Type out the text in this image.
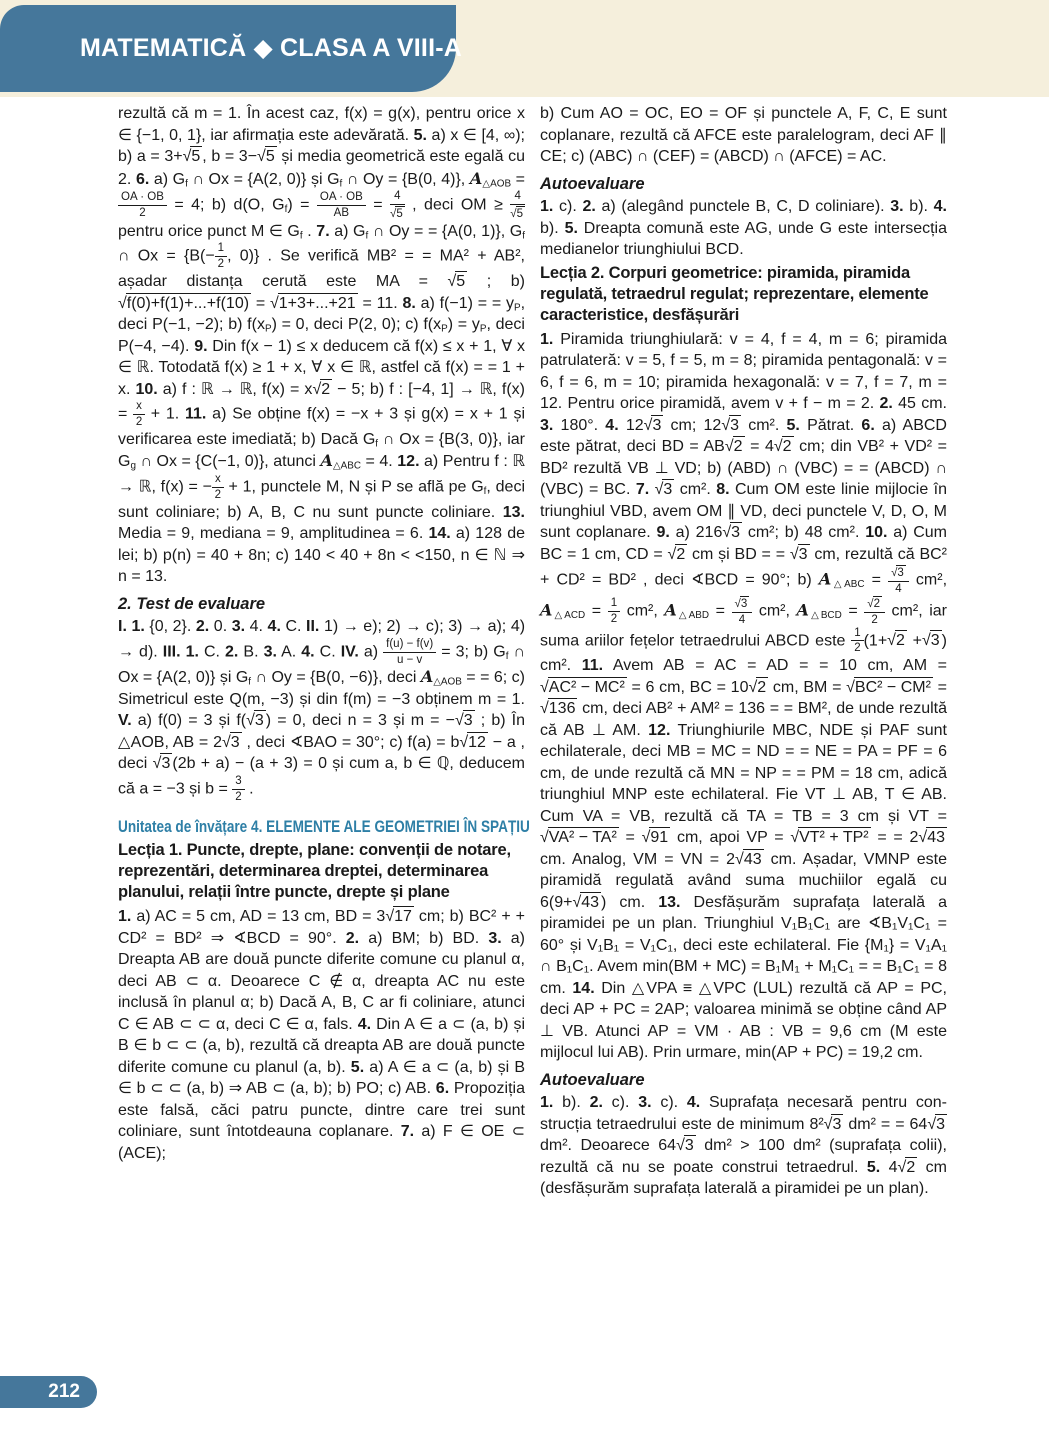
MATEMATICĂ ◆ CLASA A VIII-A

rezultă că m = 1. În acest caz, f(x) = g(x), pentru orice x ∈ {−1, 0, 1}, iar afirmația este adevărată. 5. a) x ∈ [4, ∞); b) a = 3+√5 , b = 3−√5 și media geometrică este egală cu 2. 6. a) $G_f$ ∩ Ox = {A(2, 0)} și $G_f$ ∩ Oy = {B(0, 4)}, $A_{\triangle AOB}$ =
$\frac{OA \cdot OB}{2} = 4$; b) d(O, $G_f) = \frac{OA \cdot OB}{AB} = \frac{4}{√5}$ , deci OM ≥ $\frac{4}{√5}$
pentru orice punct M ∈ $G_f$ . 7. a) $G_f$ ∩ Oy = = {A(0, 1)}, $G_f$ ∩ $Ox = \{B(- \frac{1}{2}$ , 0)} . Se verifică MB² = = MA² + AB², așadar distanța cerută este MA = √5 ; b) √f(0)+f(1)+...+f(10) = √1+3+...+21 = 11. 8. a) f(−1) = = $y_P$, deci P(−1, −2); b) $f(x_P) = 0$, deci P(2, 0); c) $f(x_P) = y_P$, deci P(−4, −4). 9. Din f(x − 1) ≤ x deducem că f(x) ≤ x + 1, ∀ x ∈ ℝ. Totodată f(x) ≥ 1 + x, ∀ x ∈ ℝ, astfel că f(x) = = 1 + x. 10. a) f : ℝ → ℝ, f(x) = x√2 − 5; b) f : [−4, 1] → ℝ, $f(x) = \frac{x}{2} + 1$. 11. a) Se obține f(x) = −x + 3 și g(x) = x + 1 și verificarea este imediată; b) Dacă $G_f$ ∩ Ox = {B(3, 0)}, iar $G_g$ ∩ Ox = {C(−1, 0)}, atunci $A_{\triangle ABC} = 4$. 12. a) Pentru f : ℝ → ℝ, f(x) = − $\frac{x}{2} + 1$, punctele M, N și P se află pe $G_f$, deci sunt coliniare; b) A, B, C nu sunt puncte coliniare. 13. Media = 9, mediana = 9, amplitudinea = 6. 14. a) 128 de lei; b) p(n) = 40 + 8n; c) 140 < 40 + 8n < <150, n ∈ ℕ ⇒ n = 13.

2. Test de evaluare

I. 1. {0, 2}. 2. 0. 3. 4. 4. C. II. 1) → e); 2) → c); 3) → a); 4) → d). III. 1. C. 2. B. 3. A. 4. C. IV. $a) \frac{f(u) - f(v)}{u - v} = 3$; b) $G_f$ ∩ Ox = {A(2, 0)} și $G_f$ ∩ Oy = {B(0, −6)}, deci $A_{\triangle AOB}$ = = 6; c) Simetricul este Q(m, −3) și din f(m) = −3 obținem m = 1. V. a) f(0) = 3 și f(√3 ) = 0, deci n = 3 și m = −√3 ; b) În △AOB, AB = 2√3 , deci ∢BAO = 30°; c) f(a) = b√12 − a , deci √3 (2b + a) − (a + 3) = 0 și cum a, b ∈ ℚ, deducem că a = −3 și $b = \frac{3}{2}$ .

Unitatea de învățare 4. ELEMENTE ALE GEOMETRIEI ÎN SPAȚIU

Lecția 1. Puncte, drepte, plane: convenții de notare, reprezentări, determinarea dreptei, determinarea planului, relații între puncte, drepte și plane

1. a) AC = 5 cm, AD = 13 cm, BD = 3√17 cm; b) BC² + + CD² = BD² ⇒ ∢BCD = 90°. 2. a) BM; b) BD. 3. a) Dreapta AB are două puncte diferite comune cu planul α, deci AB ⊂ α. Deoarece C ∉ α, dreapta AC nu este inclusă în planul α; b) Dacă A, B, C ar fi coliniare, atunci C ∈ AB ⊂ ⊂ α, deci C ∈ α, fals. 4. Din A ∈ a ⊂ (a, b) și B ∈ b ⊂ ⊂ (a, b), rezultă că dreapta AB are două puncte diferite comune cu planul (a, b). 5. a) A ∈ a ⊂ (a, b) și B ∈ b ⊂ ⊂ (a, b) ⇒ AB ⊂ (a, b); b) PO; c) AB. 6. Propoziția este falsă, căci patru puncte, dintre care trei sunt coliniare, sunt întotdeauna coplanare. 7. a) F ∈ OE ⊂ (ACE);

b) Cum AO = OC, EO = OF și punctele A, F, C, E sunt coplanare, rezultă că AFCE este paralelogram, deci AF ∥ CE; c) (ABC) ∩ (CEF) = (ABCD) ∩ (AFCE) = AC.

Autoevaluare

1. c). 2. a) (alegând punctele B, C, D coliniare). 3. b). 4. b). 5. Dreapta comună este AG, unde G este intersecția medianelor triunghiului BCD.

Lecția 2. Corpuri geometrice: piramida, piramida regulată, tetraedrul regulat; reprezentare, elemente caracteristice, desfășurări

1. Piramida triunghiulară: v = 4, f = 4, m = 6; piramida patrulateră: v = 5, f = 5, m = 8; piramida pentagonală: v = 6, f = 6, m = 10; piramida hexagonală: v = 7, f = 7, m = 12. Pentru orice piramidă, avem v + f − m = 2. 2. 45 cm. 3. 180°. 4. 12√3 cm; 12√3 cm². 5. Pătrat. 6. a) ABCD este pătrat, deci BD = AB√2 = 4√2 cm; din VB² + VD² = BD² rezultă VB ⊥ VD; b) (ABD) ∩ (VBC) = = (ABCD) ∩ (VBC) = BC. 7. √3 cm². 8. Cum OM este linie mijlocie în triunghiul VBD, avem OM ∥ VD, deci punctele V, D, O, M sunt coplanare. 9. a) 216√3 cm²; b) 48 cm². 10. a) Cum BC = 1 cm, CD = √2 cm și BD = = √3 cm, rezultă că BC² + CD² = BD² , deci ∢BCD = 90°; b) $A_{\triangle ABC} = \frac{√3}{4} cm^2$, $A_{\triangle ACD} = \frac{1}{2} cm^2$, $A_{\triangle ABD} = \frac{√3}{4} cm^2$, $A_{\triangle BCD} = \frac{√2}{2} cm^2$, iar suma ariilor fețelor tetraedrului ABCD este $\frac{1}{2} (1+√2 +√3$ ) cm². 11. Avem AB = AC = AD = = 10 cm, AM = √AC² − MC² = 6 cm, BC = 10√2 cm, BM = √BC² − CM² = √136 cm, deci AB² + AM² = 136 = = BM², de unde rezultă că AB ⊥ AM. 12. Triunghiurile MBC, NDE și PAF sunt echilaterale, deci MB = MC = ND = = NE = PA = PF = 6 cm, de unde rezultă că MN = NP = = PM = 18 cm, adică triunghiul MNP este echilateral. Fie VT ⊥ AB, T ∈ AB. Cum VA = VB, rezultă că TA = TB = 3 cm și VT = √VA² − TA² = √91 cm, apoi VP = √VT² + TP² = = 2√43 cm. Analog, VM = VN = 2√43 cm. Așadar, VMNP este piramidă regulată având suma muchiilor egală cu 6(9+√43 ) cm. 13. Desfășurăm suprafața laterală a piramidei pe un plan. Triunghiul V₁B₁C₁ are ∢B₁V₁C₁ = 60° și V₁B₁ = V₁C₁, deci este echilateral. Fie {M₁} = V₁A₁ ∩ B₁C₁. Avem min(BM + MC) = B₁M₁ + M₁C₁ = = B₁C₁ = 8 cm. 14. Din △VPA ≡ △VPC (LUL) rezultă că AP = PC, deci AP + PC = 2AP; valoarea minimă se obține când AP ⊥ VB. Atunci AP = VM · AB : VB = 9,6 cm (M este mijlocul lui AB). Prin urmare, min(AP + PC) = 19,2 cm.

Autoevaluare

1. b). 2. c). 3. c). 4. Suprafața necesară pentru construcția tetraedrului este de minimum 8²√3 dm² = = 64√3 dm². Deoarece 64√3 dm² > 100 dm² (suprafața colii), rezultă că nu se poate construi tetraedrul. 5. 4√2 cm (desfășurăm suprafața laterală a piramidei pe un plan).

212
